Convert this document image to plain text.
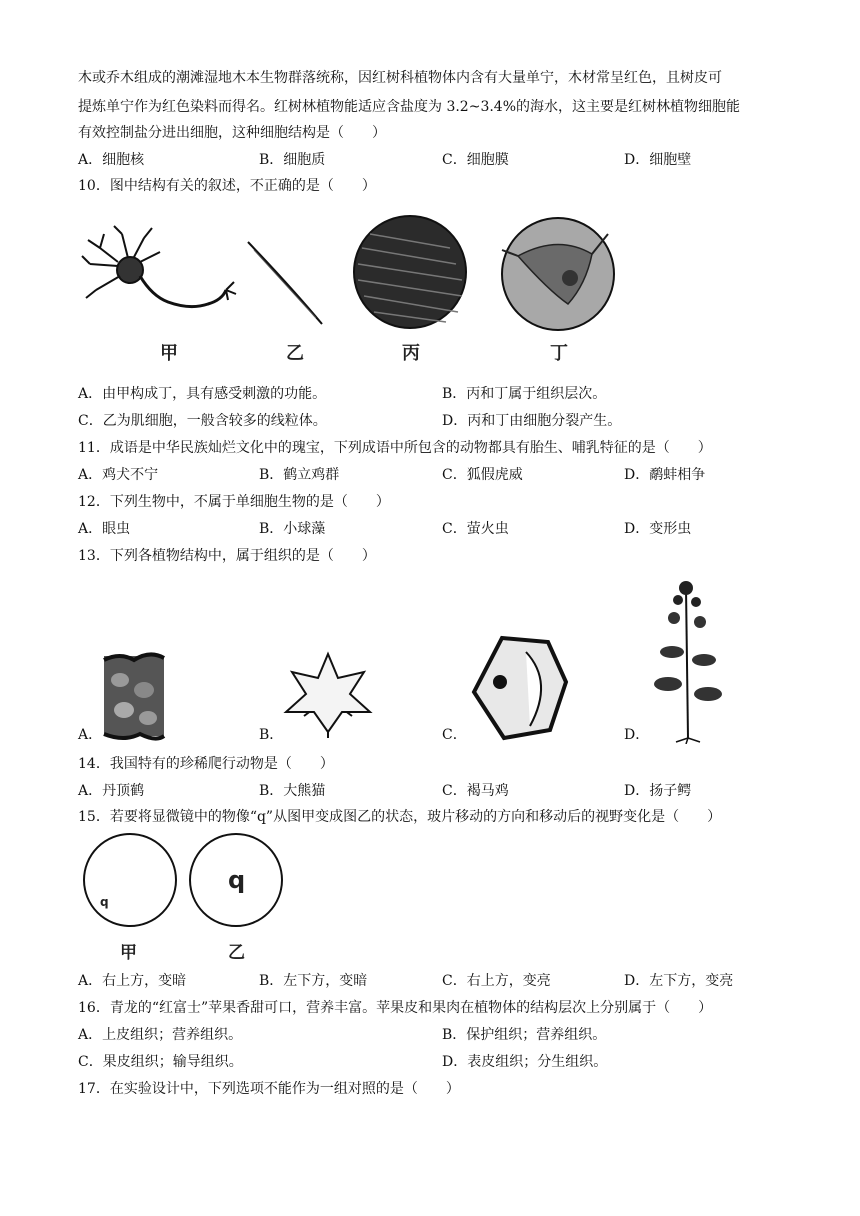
木或乔木组成的潮滩湿地木本生物群落统称，因红树科植物体内含有大量单宁，木材常呈红色，且树皮可
提炼单宁作为红色染料而得名。红树林植物能适应含盐度为 3.2~3.4%的海水，这主要是红树林植物细胞能
有效控制盐分进出细胞，这种细胞结构是（　　）
A．细胞核	B．细胞质	C．细胞膜	D．细胞壁
10．图中结构有关的叙述，不正确的是（　　）
甲	乙	丙	丁
A．由甲构成丁，具有感受刺激的功能。	B．丙和丁属于组织层次。
C．乙为肌细胞，一般含较多的线粒体。	D．丙和丁由细胞分裂产生。
11．成语是中华民族灿烂文化中的瑰宝，下列成语中所包含的动物都具有胎生、哺乳特征的是（　　）
A．鸡犬不宁	B．鹤立鸡群	C．狐假虎威	D．鹬蚌相争
12．下列生物中，不属于单细胞生物的是（　　）
A．眼虫	B．小球藻	C．萤火虫	D．变形虫
13．下列各植物结构中，属于组织的是（　　）
A．	B．	C．	D．
14．我国特有的珍稀爬行动物是（　　）
A．丹顶鹤	B．大熊猫	C．褐马鸡	D．扬子鳄
15．若要将显微镜中的物像“q”从图甲变成图乙的状态，玻片移动的方向和移动后的视野变化是（　　）
q
q
甲	乙
A．右上方，变暗	B．左下方，变暗	C．右上方，变亮	D．左下方，变亮
16．青龙的“红富士”苹果香甜可口，营养丰富。苹果皮和果肉在植物体的结构层次上分别属于（　　）
A．上皮组织；营养组织。	B．保护组织；营养组织。
C．果皮组织；输导组织。	D．表皮组织；分生组织。
17．在实验设计中，下列选项不能作为一组对照的是（　　）
